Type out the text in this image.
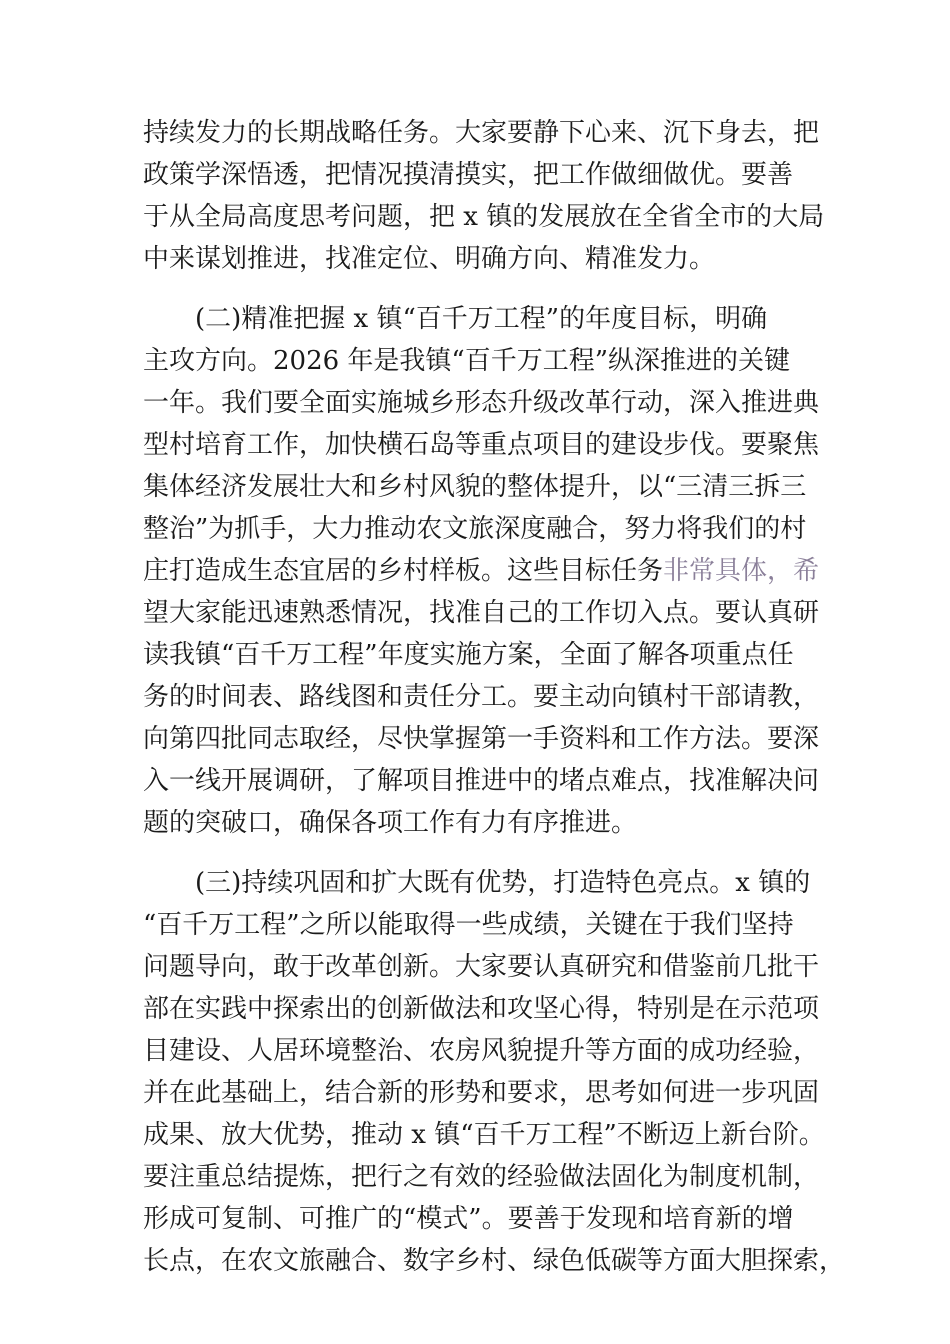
持续发力的长期战略任务。大家要静下心来、沉下身去，把
政策学深悟透，把情况摸清摸实，把工作做细做优。要善
于从全局高度思考问题，把 x 镇的发展放在全省全市的大局
中来谋划推进，找准定位、明确方向、精准发力。
(二)精准把握 x 镇“百千万工程”的年度目标，明确
主攻方向。2026 年是我镇“百千万工程”纵深推进的关键
一年。我们要全面实施城乡形态升级改革行动，深入推进典
型村培育工作，加快横石岛等重点项目的建设步伐。要聚焦
集体经济发展壮大和乡村风貌的整体提升，以“三清三拆三
整治”为抓手，大力推动农文旅深度融合，努力将我们的村
庄打造成生态宜居的乡村样板。这些目标任务非常具体，希
望大家能迅速熟悉情况，找准自己的工作切入点。要认真研
读我镇“百千万工程”年度实施方案，全面了解各项重点任
务的时间表、路线图和责任分工。要主动向镇村干部请教，
向第四批同志取经，尽快掌握第一手资料和工作方法。要深
入一线开展调研，了解项目推进中的堵点难点，找准解决问
题的突破口，确保各项工作有力有序推进。
(三)持续巩固和扩大既有优势，打造特色亮点。x 镇的
“百千万工程”之所以能取得一些成绩，关键在于我们坚持
问题导向，敢于改革创新。大家要认真研究和借鉴前几批干
部在实践中探索出的创新做法和攻坚心得，特别是在示范项
目建设、人居环境整治、农房风貌提升等方面的成功经验，
并在此基础上，结合新的形势和要求，思考如何进一步巩固
成果、放大优势，推动 x 镇“百千万工程”不断迈上新台阶。
要注重总结提炼，把行之有效的经验做法固化为制度机制，
形成可复制、可推广的“模式”。要善于发现和培育新的增
长点，在农文旅融合、数字乡村、绿色低碳等方面大胆探索，
